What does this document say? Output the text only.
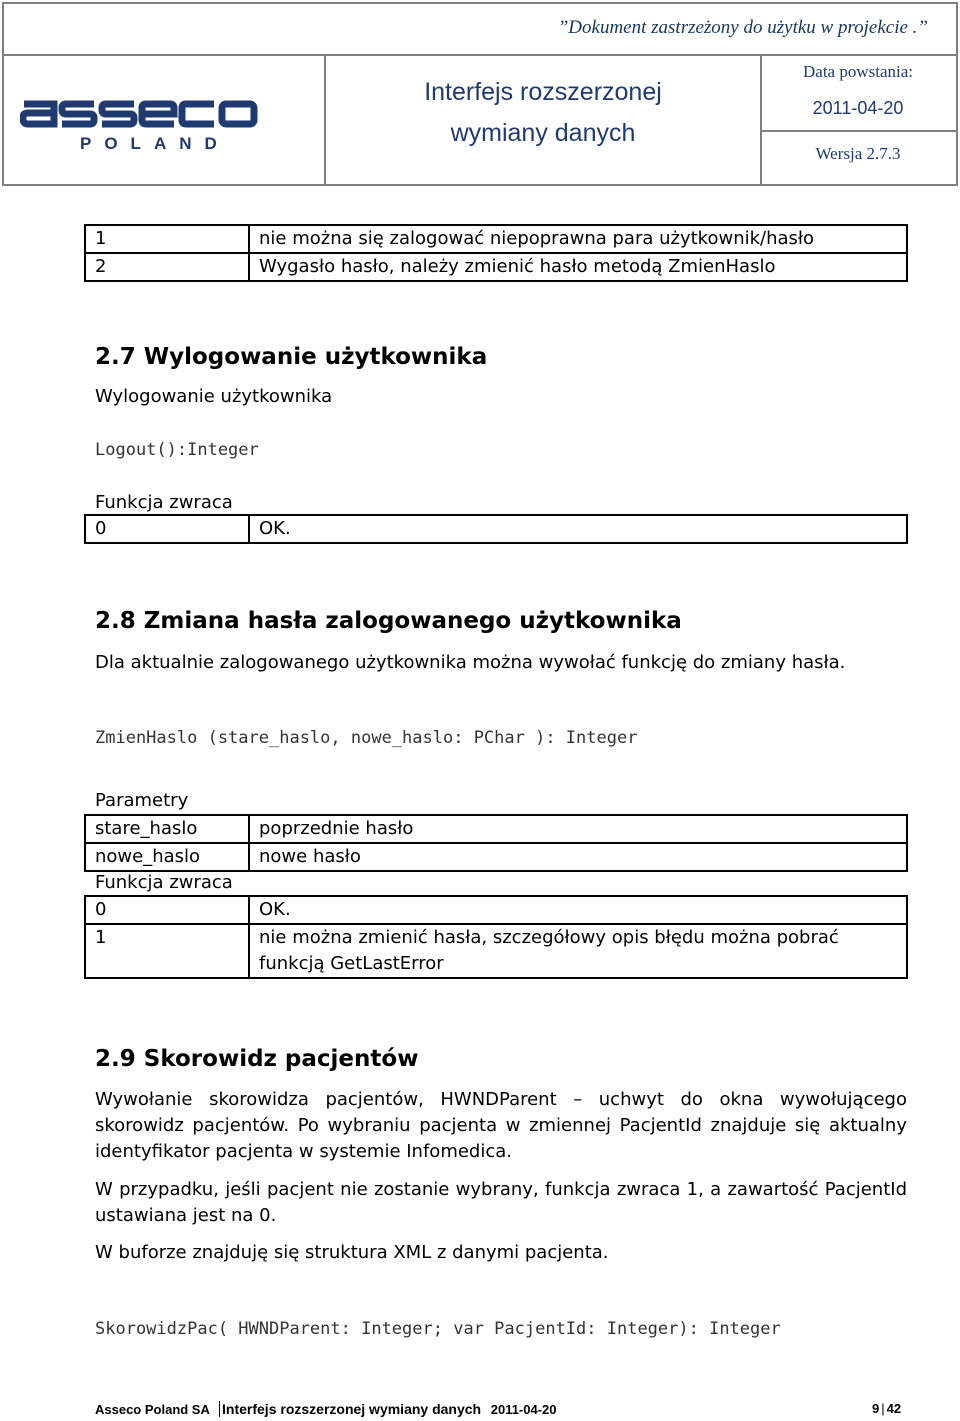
”Dokument zastrzeżony do użytku w projekcie .”
POLAND
Interfejs rozszerzonej
wymiany danych
Data powstania:
2011-04-20
Wersja 2.7.3
1	nie można się zalogować niepoprawna para użytkownik/hasło
2	Wygasło hasło, należy zmienić hasło metodą ZmienHaslo
2.7 Wylogowanie użytkownika
Wylogowanie użytkownika
Logout():Integer
Funkcja zwraca
0	OK.
2.8 Zmiana hasła zalogowanego użytkownika
Dla aktualnie zalogowanego użytkownika można wywołać funkcję do zmiany hasła.
ZmienHaslo (stare_haslo, nowe_haslo: PChar ): Integer
Parametry
stare_haslo	poprzednie hasło
nowe_haslo	nowe hasło
Funkcja zwraca
0	OK.
1	nie można zmienić hasła, szczegółowy opis błędu można pobrać funkcją GetLastError
2.9 Skorowidz pacjentów
Wywołanie skorowidza pacjentów, HWNDParent – uchwyt do okna wywołującego skorowidz pacjentów. Po wybraniu pacjenta w zmiennej PacjentId znajduje się aktualny identyfikator pacjenta w systemie Infomedica.
W przypadku, jeśli pacjent nie zostanie wybrany, funkcja zwraca 1, a zawartość PacjentId ustawiana jest na 0.
W buforze znajduję się struktura XML z danymi pacjenta.
SkorowidzPac( HWNDParent: Integer; var PacjentId: Integer): Integer
Asseco Poland SA Interfejs rozszerzonej wymiany danych 2011-04-20	9 | 42
